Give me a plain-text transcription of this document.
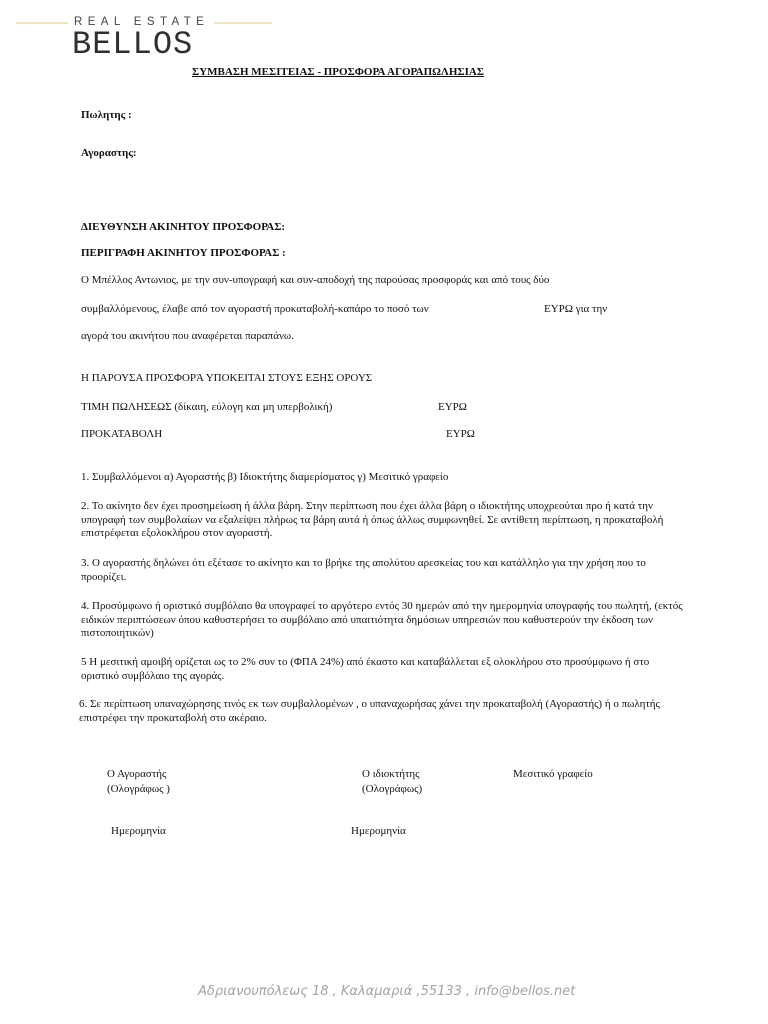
REAL ESTATE
BELLOS
ΣΥΜΒΑΣΗ ΜΕΣΙΤΕΙΑΣ - ΠΡΟΣΦΟΡΑ ΑΓΟΡΑΠΩΛΗΣΙΑΣ
Πωλητης :
Αγοραστης:
ΔΙΕΥΘΥΝΣΗ ΑΚΙΝΗΤΟΥ ΠΡΟΣΦΟΡΑΣ:
ΠΕΡΙΓΡΑΦΗ ΑΚΙΝΗΤΟΥ ΠΡΟΣΦΟΡΑΣ :
Ο Μπέλλος Αντωνιος, με την συν-υπογραφή και συν-αποδοχή της παρούσας προσφοράς και από τους δύο
συμβαλλόμενους, έλαβε από τον αγοραστή προκαταβολή-καπάρο το ποσό των	ΕΥΡΩ για την
αγορά του ακινήτου που αναφέρεται παραπάνω.
Η ΠΑΡΟΥΣΑ ΠΡΟΣΦΟΡΆ ΥΠΟΚΕΙΤΑΙ ΣΤΟΥΣ ΕΞΗΣ ΟΡΟΥΣ
ΤΙΜΗ ΠΩΛΗΣΕΩΣ (δίκαιη, εύλογη και μη υπερβολική)	ΕΥΡΩ
ΠΡΟΚΑΤΑΒΟΛΗ	ΕΥΡΩ
1. Συμβαλλόμενοι α) Αγοραστής β) Ιδιοκτήτης διαμερίσματος γ) Μεσιτικό γραφείο
2. Το ακίνητο δεν έχει προσημείωση ή άλλα βάρη. Στην περίπτωση που έχει άλλα βάρη ο ιδιοκτήτης υποχρεούται προ ή κατά την υπογραφή των συμβολαίων να εξαλείψει πλήρως τα βάρη αυτά ή όπως άλλως συμφωνηθεί. Σε αντίθετη περίπτωση, η προκαταβολή επιστρέφεται εξολοκλήρου στον αγοραστή.
3. Ο αγοραστής δηλώνει ότι εξέτασε το ακίνητο και το βρήκε της απολύτου αρεσκείας του και κατάλληλο για την χρήση που το προορίζει.
4. Προσύμφωνο ή οριστικό συμβόλαιο θα υπογραφεί το αργότερο εντός 30 ημερών από την ημερομηνία υπογραφής του πωλητή, (εκτός ειδικών περιπτώσεων όπου καθυστερήσει το συμβόλαιο από υπαιτιότητα δημόσιων υπηρεσιών που καθυστερούν την έκδοση των πιστοποιητικών)
5 Η μεσιτική αμοιβή ορίζεται ως το 2% συν το (ΦΠΑ 24%) από έκαστο και καταβάλλεται εξ ολοκλήρου στο προσύμφωνο ή στο οριστικό συμβόλαιο της αγοράς.
6. Σε περίπτωση υπαναχώρησης τινός εκ των συμβαλλομένων , ο υπαναχωρήσας χάνει την προκαταβολή (Αγοραστής) ή ο πωλητής επιστρέφει την προκαταβολή στο ακέραιο.
Ο Αγοραστής
(Ολογράφως )
Ο ιδιοκτήτης
(Ολογράφως)
Μεσιτικό γραφείο
Ημερομηνία	Ημερομηνία
Αδριανουπόλεως 18 , Καλαμαριά ,55133 , info@bellos.net
